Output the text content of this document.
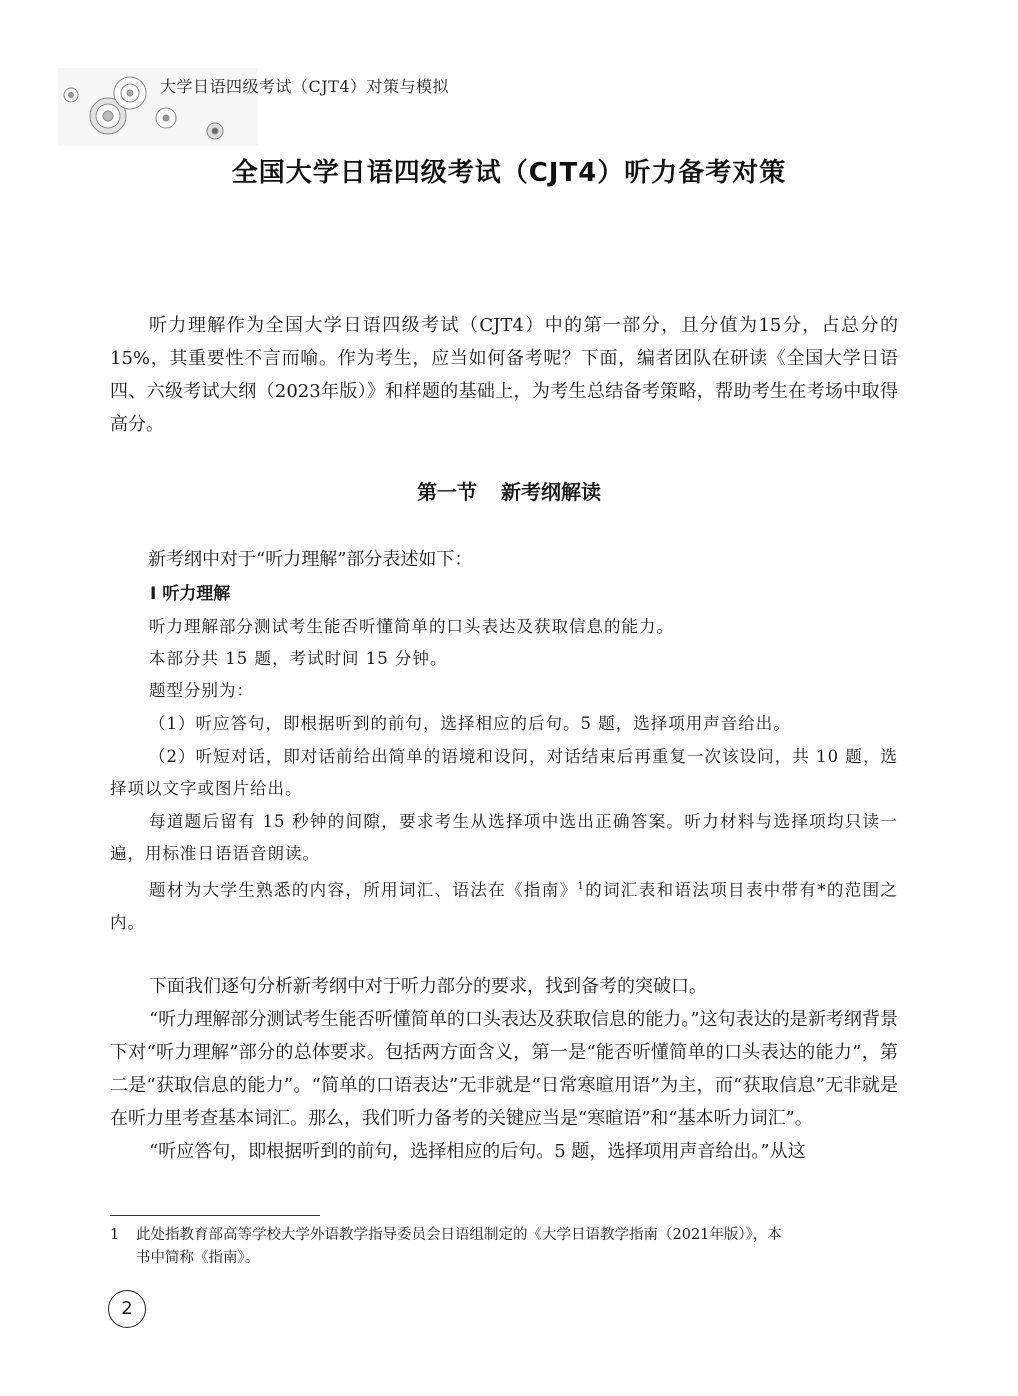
大学日语四级考试（CJT4）对策与模拟
全国大学日语四级考试（CJT4）听力备考对策

听力理解作为全国大学日语四级考试（CJT4）中的第一部分，且分值为15分，占总分的15%，其重要性不言而喻。作为考生，应当如何备考呢？下面，编者团队在研读《全国大学日语四、六级考试大纲（2023年版）》和样题的基础上，为考生总结备考策略，帮助考生在考场中取得高分。

第一节 新考纲解读
新考纲中对于“听力理解”部分表述如下：
Ⅰ 听力理解

听力理解部分测试考生能否听懂简单的口头表达及获取信息的能力。

本部分共 15 题，考试时间 15 分钟。

题型分别为：

（1）听应答句，即根据听到的前句，选择相应的后句。5 题，选择项用声音给出。

（2）听短对话，即对话前给出简单的语境和设问，对话结束后再重复一次该设问，共 10 题，选择项以文字或图片给出。

每道题后留有 15 秒钟的间隙，要求考生从选择项中选出正确答案。听力材料与选择项均只读一遍，用标准日语语音朗读。

题材为大学生熟悉的内容，所用词汇、语法在《指南》$^1$的词汇表和语法项目表中带有*的范围之内。

下面我们逐句分析新考纲中对于听力部分的要求，找到备考的突破口。

“听力理解部分测试考生能否听懂简单的口头表达及获取信息的能力。”这句表达的是新考纲背景下对“听力理解”部分的总体要求。包括两方面含义，第一是“能否听懂简单的口头表达的能力”，第二是“获取信息的能力”。“简单的口语表达”无非就是“日常寒暄用语”为主，而“获取信息”无非就是在听力里考查基本词汇。那么，我们听力备考的关键应当是“寒暄语”和“基本听力词汇”。

“听应答句，即根据听到的前句，选择相应的后句。5 题，选择项用声音给出。”从这

1 此处指教育部高等学校大学外语教学指导委员会日语组制定的《大学日语教学指南（2021年版）》，本
书中简称《指南》。

2
